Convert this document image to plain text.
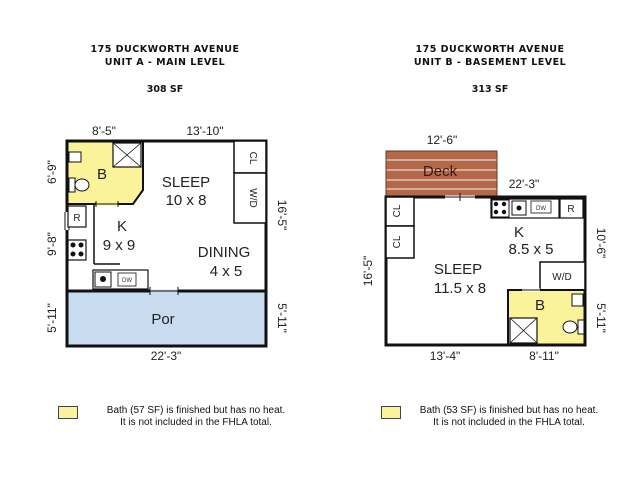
175 DUCKWORTH AVENUE
UNIT A - MAIN LEVEL
308 SF
175 DUCKWORTH AVENUE
UNIT B - BASEMENT LEVEL
313 SF
8'-5"	13'-10"
6'-9"
9'-8"
5'-11"
16'-5"
5'-11"
22'-3"
B	SLEEP
10 x 8
K
9 x 9	DINING
4 x 5
Por
CL
W/D
R
DW
12'-6"
22'-3"
16'-5"
10'-6"
5'-11"
13'-4"	8'-11"
Deck
CL
CL
K
8.5 x 5
SLEEP
11.5 x 8
W/D
B
R
DW
Bath (57 SF) is finished but has no heat.
It is not included in the FHLA total.
Bath (53 SF) is finished but has no heat.
It is not included in the FHLA total.
